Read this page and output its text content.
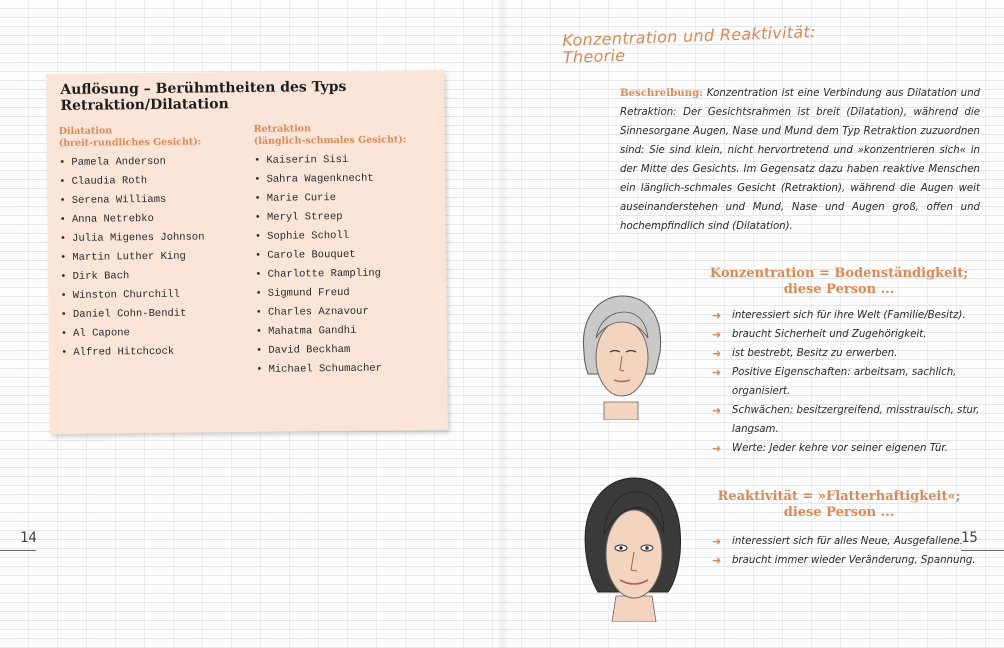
Auflösung – Berühmtheiten des Typs Retraktion/Dilatation
Dilatation
(breit-rundliches Gesicht):
• Pamela Anderson
• Claudia Roth
• Serena Williams
• Anna Netrebko
• Julia Migenes Johnson
• Martin Luther King
• Dirk Bach
• Winston Churchill
• Daniel Cohn-Bendit
• Al Capone
• Alfred Hitchcock
Retraktion
(länglich-schmales Gesicht):
• Kaiserin Sisi
• Sahra Wagenknecht
• Marie Curie
• Meryl Streep
• Sophie Scholl
• Carole Bouquet
• Charlotte Rampling
• Sigmund Freud
• Charles Aznavour
• Mahatma Gandhi
• David Beckham
• Michael Schumacher
14
Konzentration und Reaktivität:
Theorie
Beschreibung: Konzentration ist eine Verbindung aus Dilatation und Retraktion: Der Gesichtsrahmen ist breit (Dilatation), während die Sinnesorgane Augen, Nase und Mund dem Typ Retraktion zuzuordnen sind: Sie sind klein, nicht hervortretend und »konzentrieren sich« in der Mitte des Gesichts. Im Gegensatz dazu haben reaktive Menschen ein länglich-schmales Gesicht (Retraktion), während die Augen weit auseinanderstehen und Mund, Nase und Augen groß, offen und hochempfindlich sind (Dilatation).
Konzentration = Bodenständigkeit;
diese Person ...
➜ interessiert sich für ihre Welt (Familie/Besitz).
➜ braucht Sicherheit und Zugehörigkeit.
➜ ist bestrebt, Besitz zu erwerben.
➜ Positive Eigenschaften: arbeitsam, sachlich, organisiert.
➜ Schwächen: besitzergreifend, misstrauisch, stur, langsam.
➜ Werte: Jeder kehre vor seiner eigenen Tür.
Reaktivität = »Flatterhaftigkeit«;
diese Person ...
➜ interessiert sich für alles Neue, Ausgefallene.
➜ braucht immer wieder Veränderung, Spannung.
15
